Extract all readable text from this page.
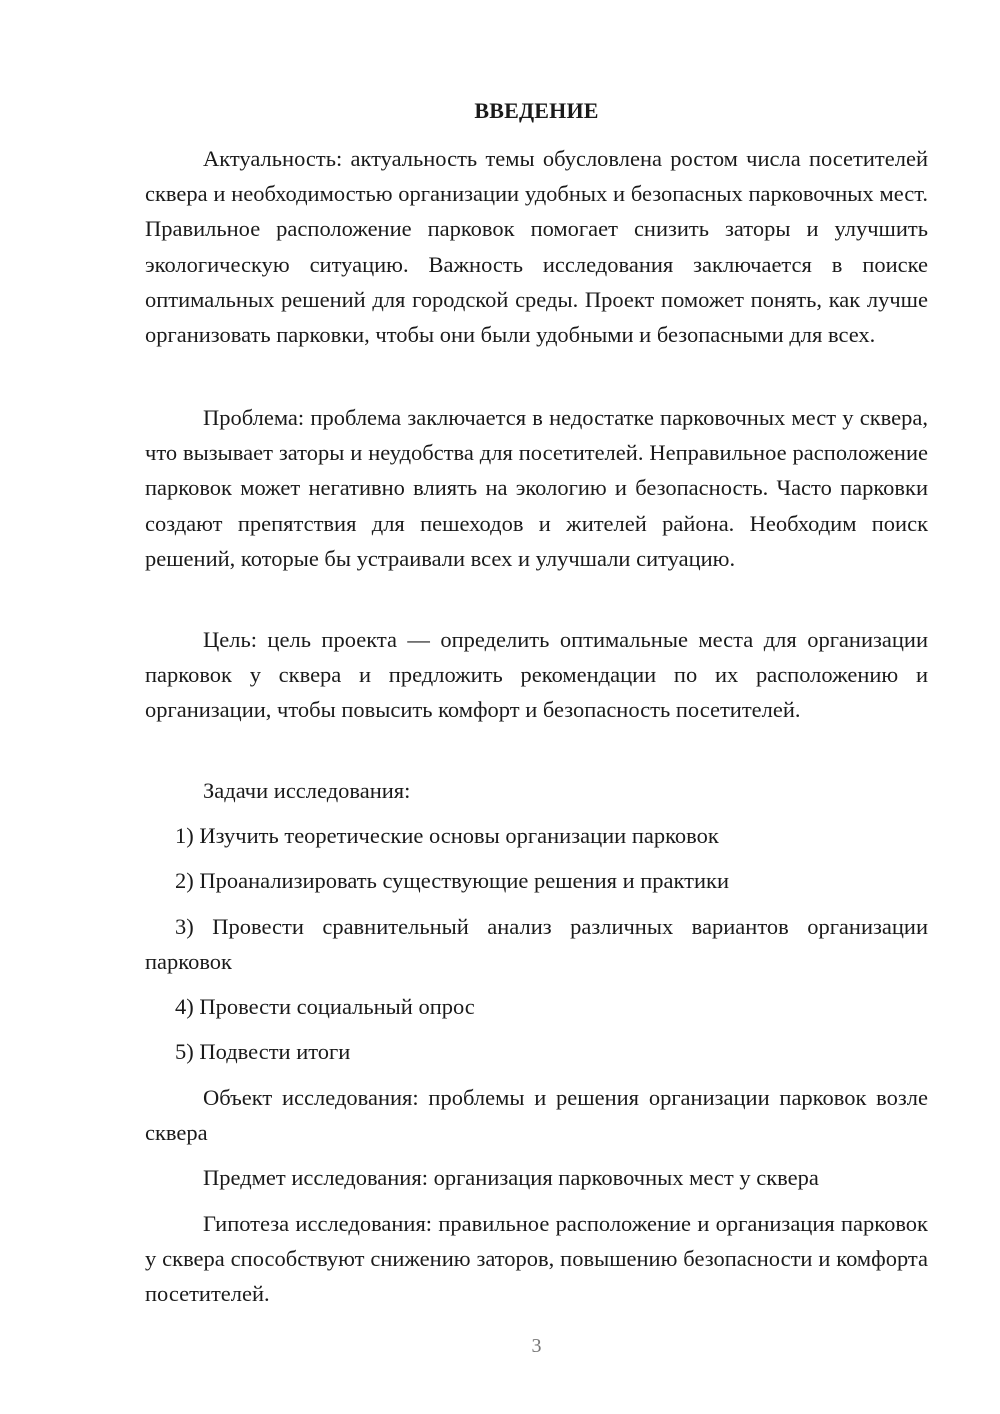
ВВЕДЕНИЕ

Актуальность: актуальность темы обусловлена ростом числа посетителей сквера и необходимостью организации удобных и безопасных парковочных мест. Правильное расположение парковок помогает снизить заторы и улучшить экологическую ситуацию. Важность исследования заключается в поиске оптимальных решений для городской среды. Проект поможет понять, как лучше организовать парковки, чтобы они были удобными и безопасными для всех.

Проблема: проблема заключается в недостатке парковочных мест у сквера, что вызывает заторы и неудобства для посетителей. Неправильное расположение парковок может негативно влиять на экологию и безопасность. Часто парковки создают препятствия для пешеходов и жителей района. Необходим поиск решений, которые бы устраивали всех и улучшали ситуацию.

Цель: цель проекта — определить оптимальные места для организации парковок у сквера и предложить рекомендации по их расположению и организации, чтобы повысить комфорт и безопасность посетителей.

Задачи исследования:

1) Изучить теоретические основы организации парковок

2) Проанализировать существующие решения и практики

3) Провести сравнительный анализ различных вариантов организации парковок

4) Провести социальный опрос

5) Подвести итоги

Объект исследования: проблемы и решения организации парковок возле сквера

Предмет исследования: организация парковочных мест у сквера

Гипотеза исследования: правильное расположение и организация парковок у сквера способствуют снижению заторов, повышению безопасности и комфорта посетителей.

3
